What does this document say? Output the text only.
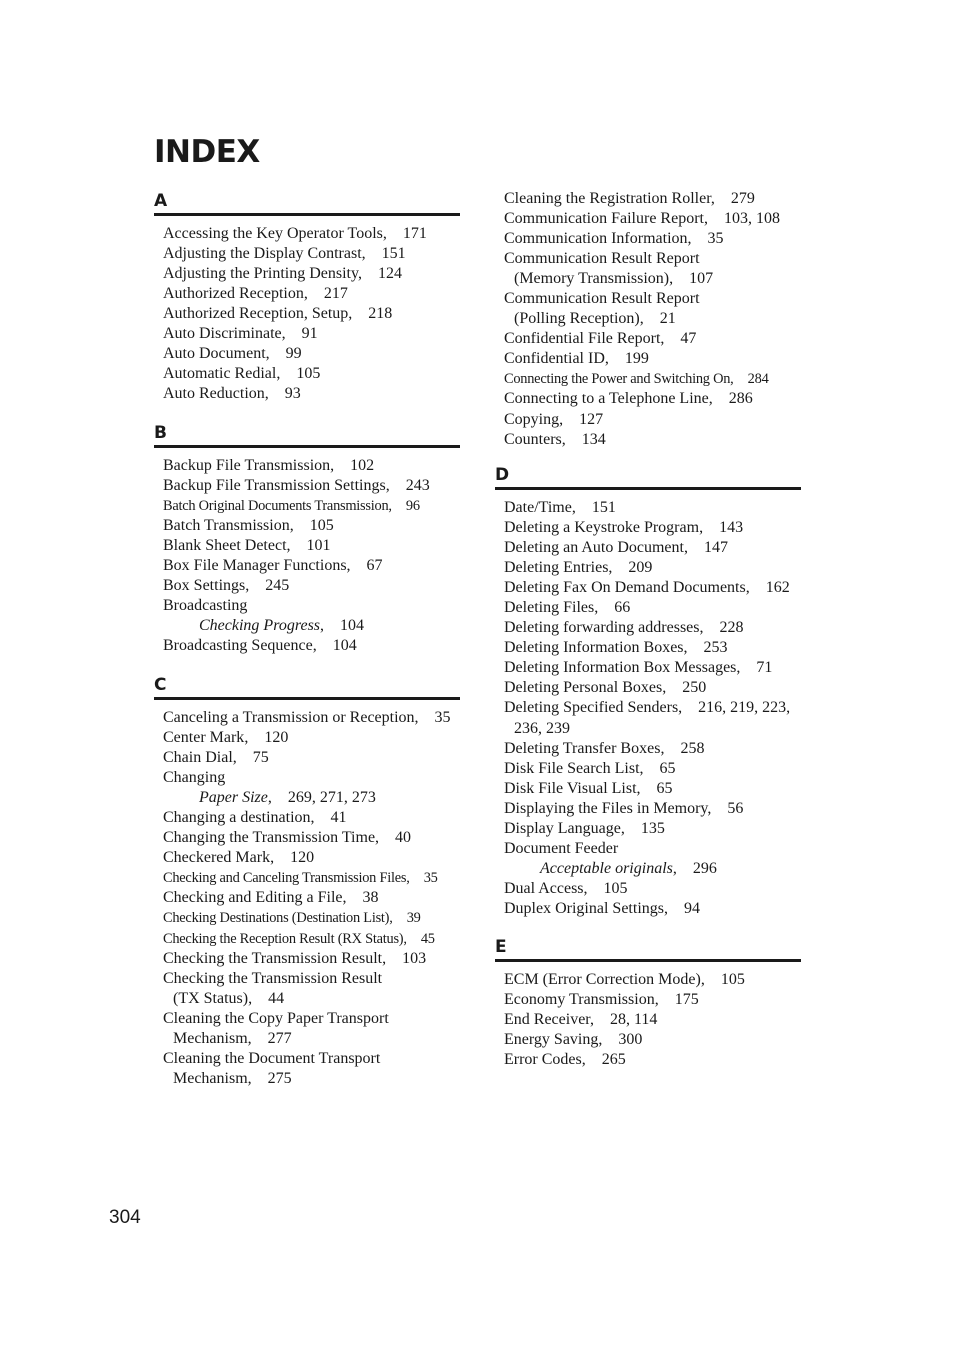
INDEX
A
Accessing the Key Operator Tools, 171
Adjusting the Display Contrast, 151
Adjusting the Printing Density, 124
Authorized Reception, 217
Authorized Reception, Setup, 218
Auto Discriminate, 91
Auto Document, 99
Automatic Redial, 105
Auto Reduction, 93
B
Backup File Transmission, 102
Backup File Transmission Settings, 243
Batch Original Documents Transmission, 96
Batch Transmission, 105
Blank Sheet Detect, 101
Box File Manager Functions, 67
Box Settings, 245
Broadcasting
Checking Progress, 104
Broadcasting Sequence, 104
C
Canceling a Transmission or Reception, 35
Center Mark, 120
Chain Dial, 75
Changing
Paper Size, 269, 271, 273
Changing a destination, 41
Changing the Transmission Time, 40
Checkered Mark, 120
Checking and Canceling Transmission Files, 35
Checking and Editing a File, 38
Checking Destinations (Destination List), 39
Checking the Reception Result (RX Status), 45
Checking the Transmission Result, 103
Checking the Transmission Result
(TX Status), 44
Cleaning the Copy Paper Transport
Mechanism, 277
Cleaning the Document Transport
Mechanism, 275
Cleaning the Registration Roller, 279
Communication Failure Report, 103, 108
Communication Information, 35
Communication Result Report
(Memory Transmission), 107
Communication Result Report
(Polling Reception), 21
Confidential File Report, 47
Confidential ID, 199
Connecting the Power and Switching On, 284
Connecting to a Telephone Line, 286
Copying, 127
Counters, 134
D
Date/Time, 151
Deleting a Keystroke Program, 143
Deleting an Auto Document, 147
Deleting Entries, 209
Deleting Fax On Demand Documents, 162
Deleting Files, 66
Deleting forwarding addresses, 228
Deleting Information Boxes, 253
Deleting Information Box Messages, 71
Deleting Personal Boxes, 250
Deleting Specified Senders, 216, 219, 223,
236, 239
Deleting Transfer Boxes, 258
Disk File Search List, 65
Disk File Visual List, 65
Displaying the Files in Memory, 56
Display Language, 135
Document Feeder
Acceptable originals, 296
Dual Access, 105
Duplex Original Settings, 94
E
ECM (Error Correction Mode), 105
Economy Transmission, 175
End Receiver, 28, 114
Energy Saving, 300
Error Codes, 265
304
